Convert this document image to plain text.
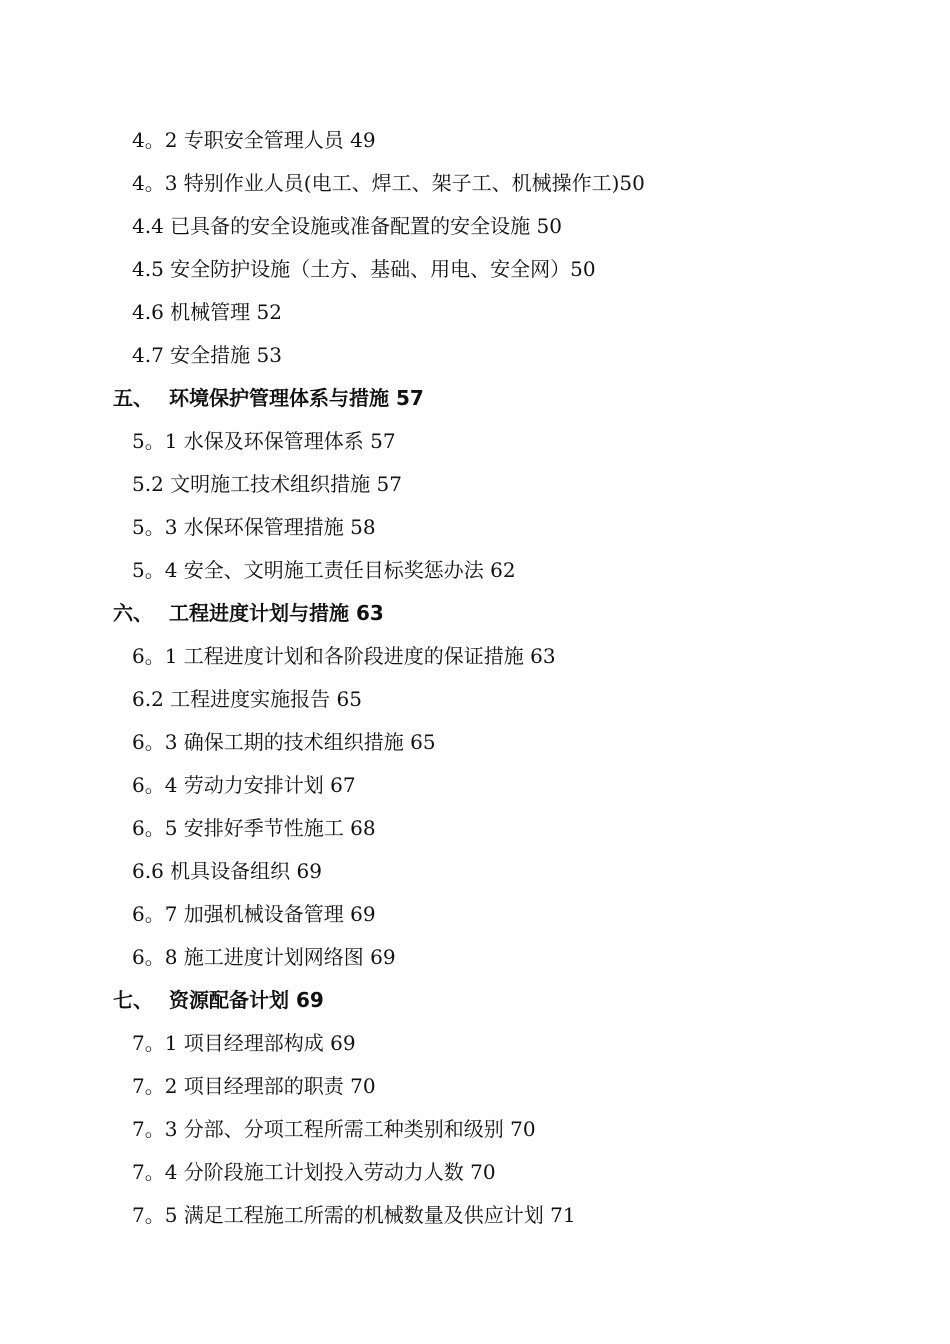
4。2 专职安全管理人员 49
4。3 特别作业人员(电工、焊工、架子工、机械操作工)50
4.4 已具备的安全设施或准备配置的安全设施 50
4.5 安全防护设施（土方、基础、用电、安全网）50
4.6 机械管理 52
4.7 安全措施 53
五、 环境保护管理体系与措施 57
5。1 水保及环保管理体系 57
5.2 文明施工技术组织措施 57
5。3 水保环保管理措施 58
5。4 安全、文明施工责任目标奖惩办法 62
六、 工程进度计划与措施 63
6。1 工程进度计划和各阶段进度的保证措施 63
6.2 工程进度实施报告 65
6。3 确保工期的技术组织措施 65
6。4 劳动力安排计划 67
6。5 安排好季节性施工 68
6.6 机具设备组织 69
6。7 加强机械设备管理 69
6。8 施工进度计划网络图 69
七、 资源配备计划 69
7。1 项目经理部构成 69
7。2 项目经理部的职责 70
7。3 分部、分项工程所需工种类别和级别 70
7。4 分阶段施工计划投入劳动力人数 70
7。5 满足工程施工所需的机械数量及供应计划 71
